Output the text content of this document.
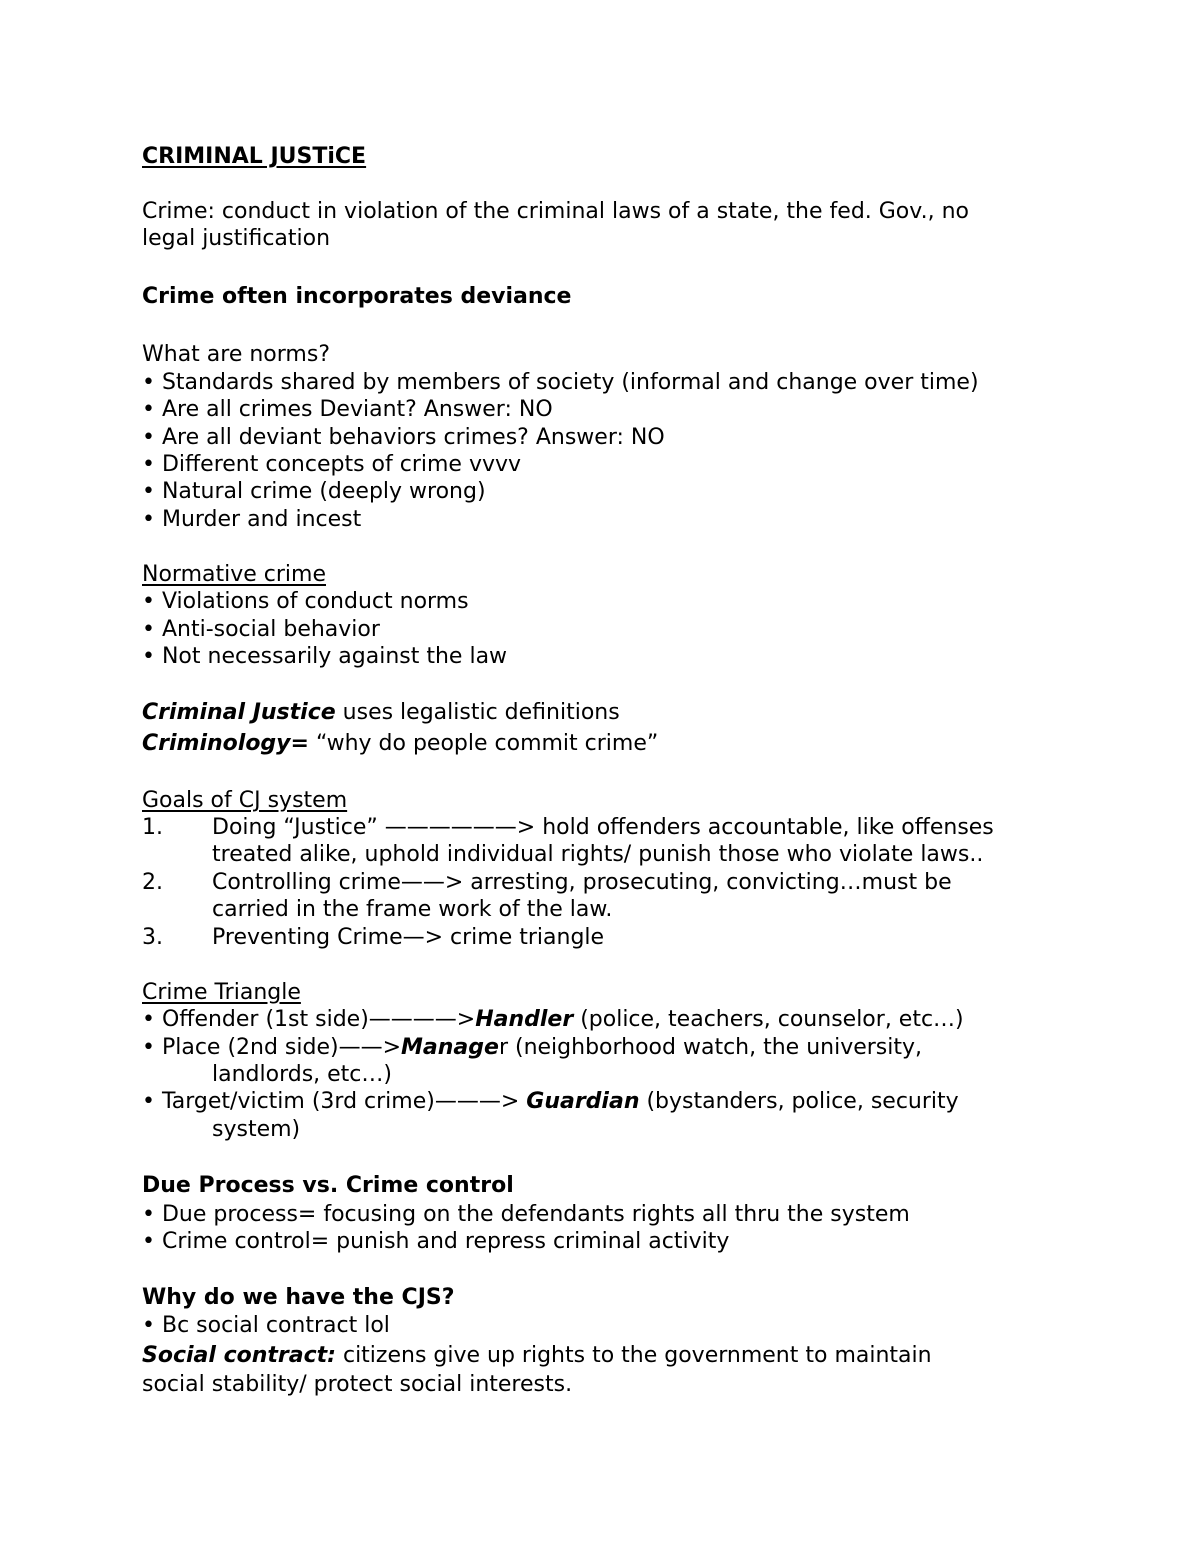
CRIMINAL JUSTiCE
Crime: conduct in violation of the criminal laws of a state, the fed. Gov., no
legal justification
Crime often incorporates deviance
What are norms?
• Standards shared by members of society (informal and change over time)
• Are all crimes Deviant? Answer: NO
• Are all deviant behaviors crimes? Answer: NO
• Different concepts of crime vvvv
• Natural crime (deeply wrong)
• Murder and incest
Normative crime
• Violations of conduct norms
• Anti-social behavior
• Not necessarily against the law
Criminal Justice uses legalistic definitions
Criminology= “why do people commit crime”
Goals of CJ system
1. Doing “Justice” ——————> hold offenders accountable, like offenses
treated alike, uphold individual rights/ punish those who violate laws..
2. Controlling crime——> arresting, prosecuting, convicting…must be
carried in the frame work of the law.
3. Preventing Crime—> crime triangle
Crime Triangle
• Offender (1st side)————>Handler (police, teachers, counselor, etc…)
• Place (2nd side)——>Manager (neighborhood watch, the university,
landlords, etc…)
• Target/victim (3rd crime)———> Guardian (bystanders, police, security
system)
Due Process vs. Crime control
• Due process= focusing on the defendants rights all thru the system
• Crime control= punish and repress criminal activity
Why do we have the CJS?
• Bc social contract lol
Social contract: citizens give up rights to the government to maintain
social stability/ protect social interests.
